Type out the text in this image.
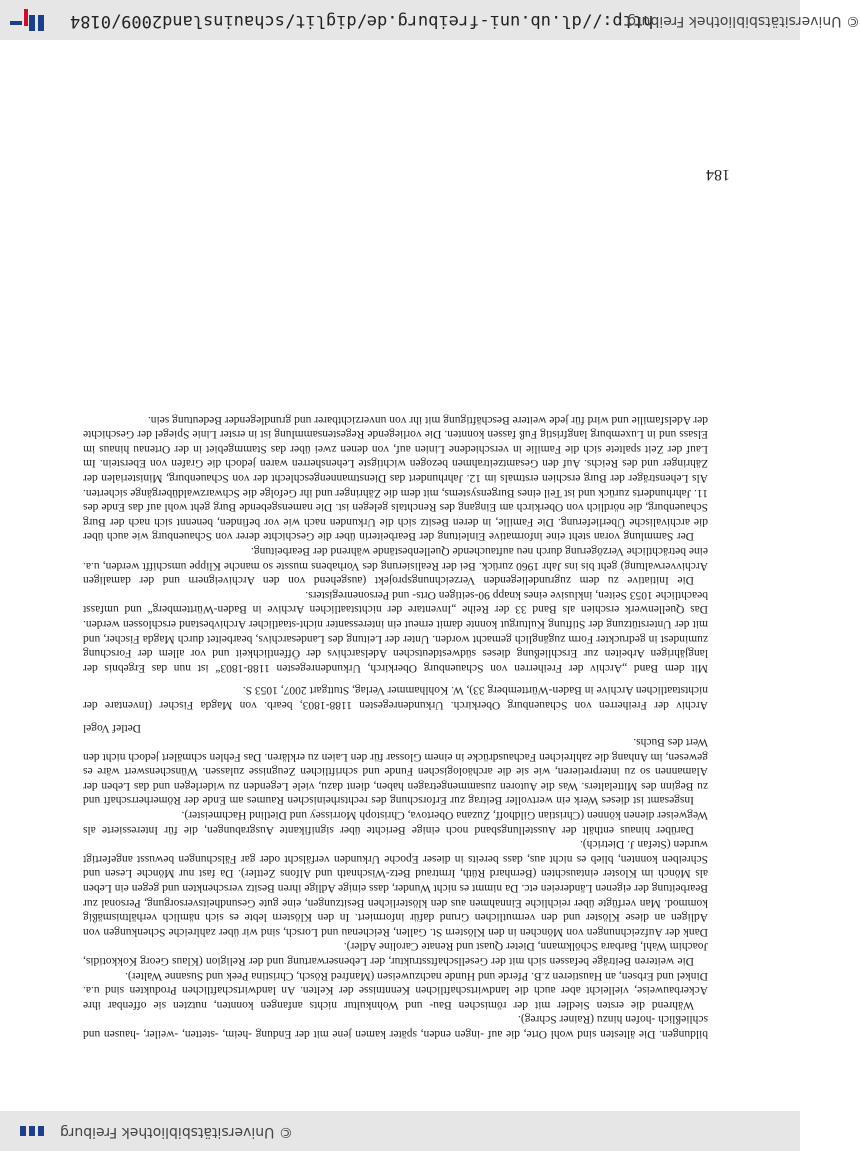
http://dl.ub.uni-freiburg.de/diglit/schauinsland2009/0184
© Universitätsbibliothek Freiburg
© Universitätsbibliothek Freiburg

bildungen. Die ältesten sind wohl Orte, die auf -ingen enden, später kamen jene mit der Endung -heim, -stetten, -weiler, -hausen und schließlich -hofen hinzu (Rainer Schreg).

Während die ersten Siedler mit der römischen Bau- und Wohnkultur nichts anfangen konnten, nutzten sie offenbar ihre Ackerbauweise, vielleicht aber auch die landwirtschaftlichen Kenntnisse der Kelten. An landwirtschaftlichen Produkten sind u.a. Dinkel und Erbsen, an Haustieren z.B. Pferde und Hunde nachzuweisen (Manfred Rösch, Christina Peek und Susanne Walter).

Die weiteren Beiträge befassen sich mit der Gesellschaftsstruktur, der Lebenserwartung und der Religion (Klaus Georg Kokkotidis, Joachim Wahl, Barbara Schölkmann, Dieter Quast und Renate Caroline Adler).

Dank der Aufzeichnungen von Mönchen in den Klöstern St. Gallen, Reichenau und Lorsch, sind wir über zahlreiche Schenkungen von Adligen an diese Klöster und den vermutlichen Grund dafür informiert. In den Klöstern lebte es sich nämlich verhältnismäßig kommod. Man verfügte über reichliche Einnahmen aus den klösterlichen Besitzungen, eine gute Gesundheitsversorgung, Personal zur Bearbeitung der eigenen Ländereien etc. Da nimmt es nicht Wunder, dass einige Adlige ihren Besitz verschenkten und gegen ein Leben als Mönch im Kloster eintauschten (Bernhard Rüth, Irmtraud Betz-Wischnath und Alfons Zettler). Da fast nur Mönche Lesen und Schreiben konnten, blieb es nicht aus, dass bereits in dieser Epoche Urkunden verfälscht oder gar Fälschungen bewusst angefertigt wurden (Stefan J. Dietrich).

Darüber hinaus enthält der Ausstellungsband noch einige Berichte über signifikante Ausgrabungen, die für Interessierte als Wegweiser dienen können (Christian Gildhoff, Zuzana Obertova, Christoph Morrissey und Dietlind Hachmeister).

Insgesamt ist dieses Werk ein wertvoller Beitrag zur Erforschung des rechtsrheinischen Raumes am Ende der Römerherrschaft und zu Beginn des Mittelalters. Was die Autoren zusammengetragen haben, dient dazu, viele Legenden zu widerlegen und das Leben der Alamannen so zu interpretieren, wie sie die archäologischen Funde und schriftlichen Zeugnisse zulassen. Wünschenswert wäre es gewesen, im Anhang die zahlreichen Fachausdrücke in einem Glossar für den Laien zu erklären. Das Fehlen schmälert jedoch nicht den Wert des Buchs.

Detlef Vogel

Archiv der Freiherren von Schauenburg Oberkirch. Urkundenregesten 1188-1803, bearb. von Magda Fischer (Inventare der nichtstaatlichen Archive in Baden-Württemberg 33), W. Kohlhammer Verlag, Stuttgart 2007, 1053 S.

Mit dem Band „Archiv der Freiherren von Schauenburg Oberkirch, Urkundenregesten 1188-1803“ ist nun das Ergebnis der langjährigen Arbeiten zur Erschließung dieses südwestdeutschen Adelsarchivs der Öffentlichkeit und vor allem der Forschung zumindest in gedruckter Form zugänglich gemacht worden. Unter der Leitung des Landesarchivs, bearbeitet durch Magda Fischer, und mit der Unterstützung der Stiftung Kulturgut konnte damit erneut ein interessanter nicht-staatlicher Archivbestand erschlossen werden. Das Quellenwerk erschien als Band 33 der Reihe „Inventare der nichtstaatlichen Archive in Baden-Württemberg“ und umfasst beachtliche 1053 Seiten, inklusive eines knapp 90-seitigen Orts- und Personenregisters.

Die Initiative zu dem zugrundeliegenden Verzeichnungsprojekt (ausgehend von den Archiveignern und der damaligen Archivverwaltung) geht bis ins Jahr 1960 zurück. Bei der Realisierung des Vorhabens musste so manche Klippe umschifft werden, u.a. eine beträchtliche Verzögerung durch neu auftauchende Quellenbestände während der Bearbeitung.

Der Sammlung voran steht eine informative Einleitung der Bearbeiterin über die Geschichte derer von Schauenburg wie auch über die archivalische Überlieferung. Die Familie, in deren Besitz sich die Urkunden nach wie vor befinden, benennt sich nach der Burg Schauenburg, die nördlich von Oberkirch am Eingang des Renchtals gelegen ist. Die namensgebende Burg geht wohl auf das Ende des 11. Jahrhunderts zurück und ist Teil eines Burgensystems, mit dem die Zähringer und ihr Gefolge die Schwarzwaldübergänge sicherten. Als Lehensträger der Burg erschien erstmals im 12. Jahrhundert das Dienstmannengeschlecht der von Schauenburg, Ministerialen der Zähringer und des Reichs. Auf den Gesamtzeitrahmen bezogen wichtigste Lehensherren waren jedoch die Grafen von Eberstein. Im Lauf der Zeit spaltete sich die Familie in verschiedene Linien auf, von denen zwei über das Stammgebiet in der Ortenau hinaus im Elsass und in Luxemburg langfristig Fuß fassen konnten. Die vorliegende Regestensammlung ist in erster Linie Spiegel der Geschichte der Adelsfamilie und wird für jede weitere Beschäftigung mit ihr von unverzichtbarer und grundlegender Bedeutung sein.

184
